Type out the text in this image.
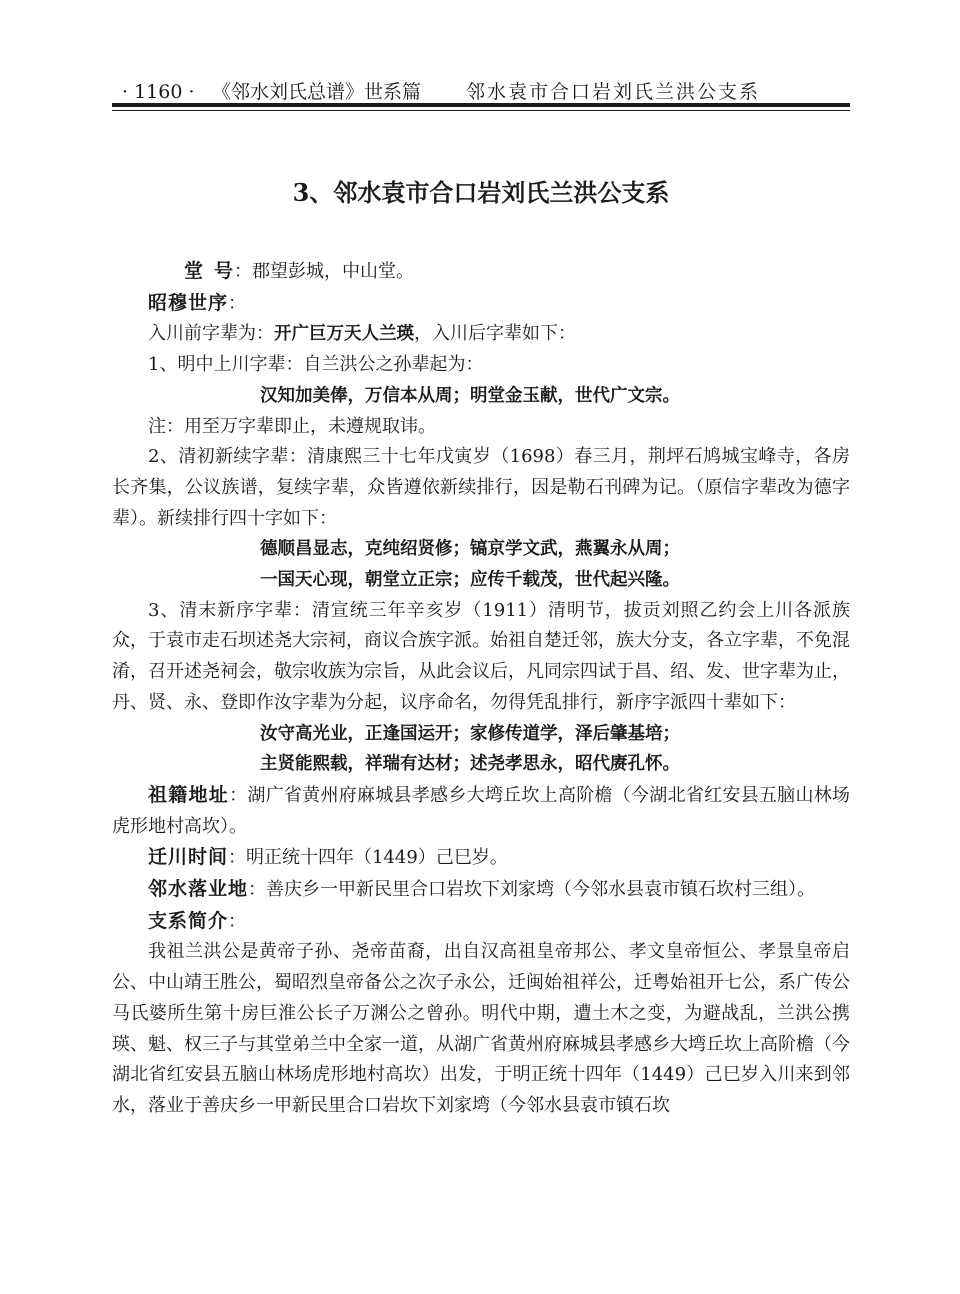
· 1160 · 《邻水刘氏总谱》世系篇 邻水袁市合口岩刘氏兰洪公支系
3、邻水袁市合口岩刘氏兰洪公支系

堂 号：郡望彭城，中山堂。

昭穆世序：

入川前字辈为：开广巨万天人兰瑛，入川后字辈如下：

1、明中上川字辈：自兰洪公之孙辈起为：

汉知加美俸，万信本从周；明堂金玉献，世代广文宗。

注：用至万字辈即止，未遵规取讳。

2、清初新续字辈：清康熙三十七年戊寅岁（1698）春三月，荆坪石鸠城宝峰寺，各房长齐集，公议族谱，复续字辈，众皆遵依新续排行，因是勒石刊碑为记。（原信字辈改为德字辈）。新续排行四十字如下：

德顺昌显志，克纯绍贤修；镐京学文武，燕翼永从周；

一国天心现，朝堂立正宗；应传千载茂，世代起兴隆。

3、清末新序字辈：清宣统三年辛亥岁（1911）清明节，拔贡刘照乙约会上川各派族众，于袁市走石坝述尧大宗祠，商议合族字派。始祖自楚迁邻，族大分支，各立字辈，不免混淆，召开述尧祠会，敬宗收族为宗旨，从此会议后，凡同宗四试于昌、绍、发、世字辈为止，丹、贤、永、登即作汝字辈为分起，议序命名，勿得凭乱排行，新序字派四十辈如下：

汝守高光业，正逢国运开；家修传道学，泽后肇基培；

主贤能熙载，祥瑞有达材；述尧孝思永，昭代赓孔怀。

祖籍地址：湖广省黄州府麻城县孝感乡大塆丘坎上高阶檐（今湖北省红安县五脑山林场虎形地村高坎）。

迁川时间：明正统十四年（1449）己巳岁。

邻水落业地：善庆乡一甲新民里合口岩坎下刘家塆（今邻水县袁市镇石坎村三组）。

支系简介：

我祖兰洪公是黄帝子孙、尧帝苗裔，出自汉高祖皇帝邦公、孝文皇帝恒公、孝景皇帝启公、中山靖王胜公，蜀昭烈皇帝备公之次子永公，迁闽始祖祥公，迁粤始祖开七公，系广传公马氏婆所生第十房巨淮公长子万渊公之曾孙。明代中期，遭土木之变，为避战乱，兰洪公携瑛、魁、权三子与其堂弟兰中全家一道，从湖广省黄州府麻城县孝感乡大塆丘坎上高阶檐（今湖北省红安县五脑山林场虎形地村高坎）出发，于明正统十四年（1449）己巳岁入川来到邻水，落业于善庆乡一甲新民里合口岩坎下刘家塆（今邻水县袁市镇石坎
